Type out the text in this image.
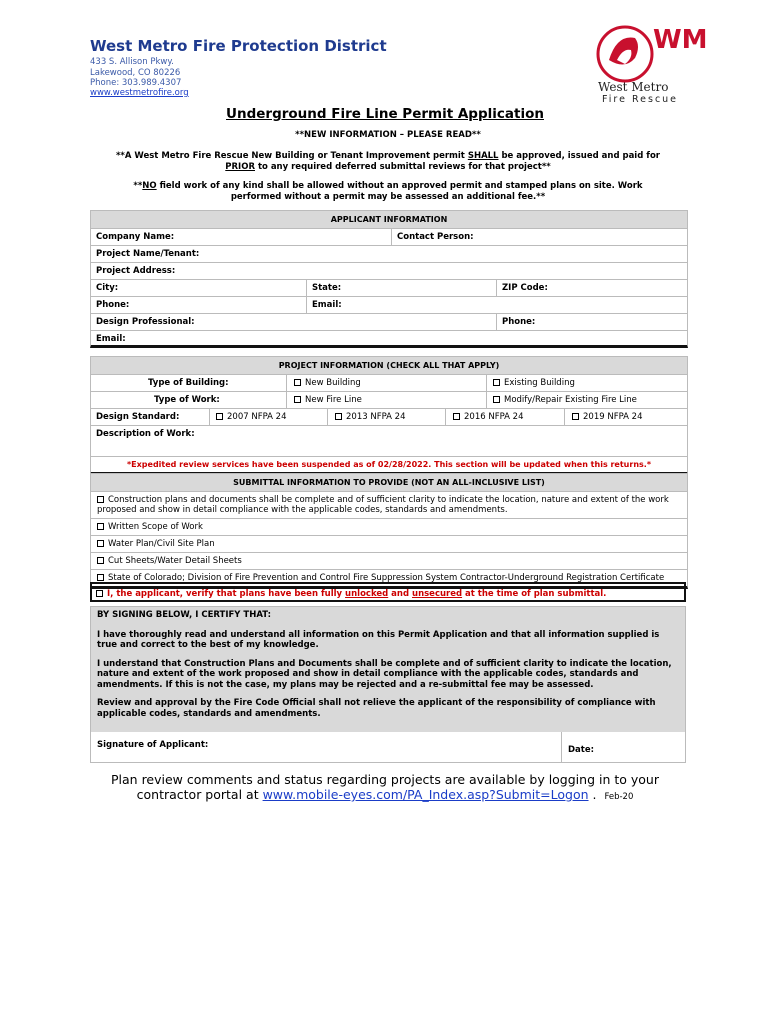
West Metro Fire Protection District
433 S. Allison Pkwy.
Lakewood, CO 80226
Phone: 303.989.4307
www.westmetrofire.org
WM
West Metro
Fire Rescue
Underground Fire Line Permit Application
**NEW INFORMATION – PLEASE READ**
**A West Metro Fire Rescue New Building or Tenant Improvement permit SHALL be approved, issued and paid for
PRIOR to any required deferred submittal reviews for that project**
**NO field work of any kind shall be allowed without an approved permit and stamped plans on site. Work
performed without a permit may be assessed an additional fee.**
APPLICANT INFORMATION
Company Name:	Contact Person:
Project Name/Tenant:
Project Address:
City:	State:	ZIP Code:
Phone:	Email:
Design Professional:	Phone:
Email:
PROJECT INFORMATION (CHECK ALL THAT APPLY)
Type of Building:	New Building	Existing Building
Type of Work:	New Fire Line	Modify/Repair Existing Fire Line
Design Standard:	2007 NFPA 24	2013 NFPA 24	2016 NFPA 24	2019 NFPA 24
Description of Work:
*Expedited review services have been suspended as of 02/28/2022. This section will be updated when this returns.*
SUBMITTAL INFORMATION TO PROVIDE (NOT AN ALL-INCLUSIVE LIST)
Construction plans and documents shall be complete and of sufficient clarity to indicate the location, nature and extent of the work proposed and show in detail compliance with the applicable codes, standards and amendments.
Written Scope of Work
Water Plan/Civil Site Plan
Cut Sheets/Water Detail Sheets
State of Colorado; Division of Fire Prevention and Control Fire Suppression System Contractor-Underground Registration Certificate
I, the applicant, verify that plans have been fully unlocked and unsecured at the time of plan submittal.
BY SIGNING BELOW, I CERTIFY THAT:
I have thoroughly read and understand all information on this Permit Application and that all information supplied is true and correct to the best of my knowledge.
I understand that Construction Plans and Documents shall be complete and of sufficient clarity to indicate the location, nature and extent of the work proposed and show in detail compliance with the applicable codes, standards and amendments. If this is not the case, my plans may be rejected and a re-submittal fee may be assessed.
Review and approval by the Fire Code Official shall not relieve the applicant of the responsibility of compliance with applicable codes, standards and amendments.
Signature of Applicant:	Date:
Plan review comments and status regarding projects are available by logging in to your
contractor portal at www.mobile-eyes.com/PA_Index.asp?Submit=Logon . Feb-20
